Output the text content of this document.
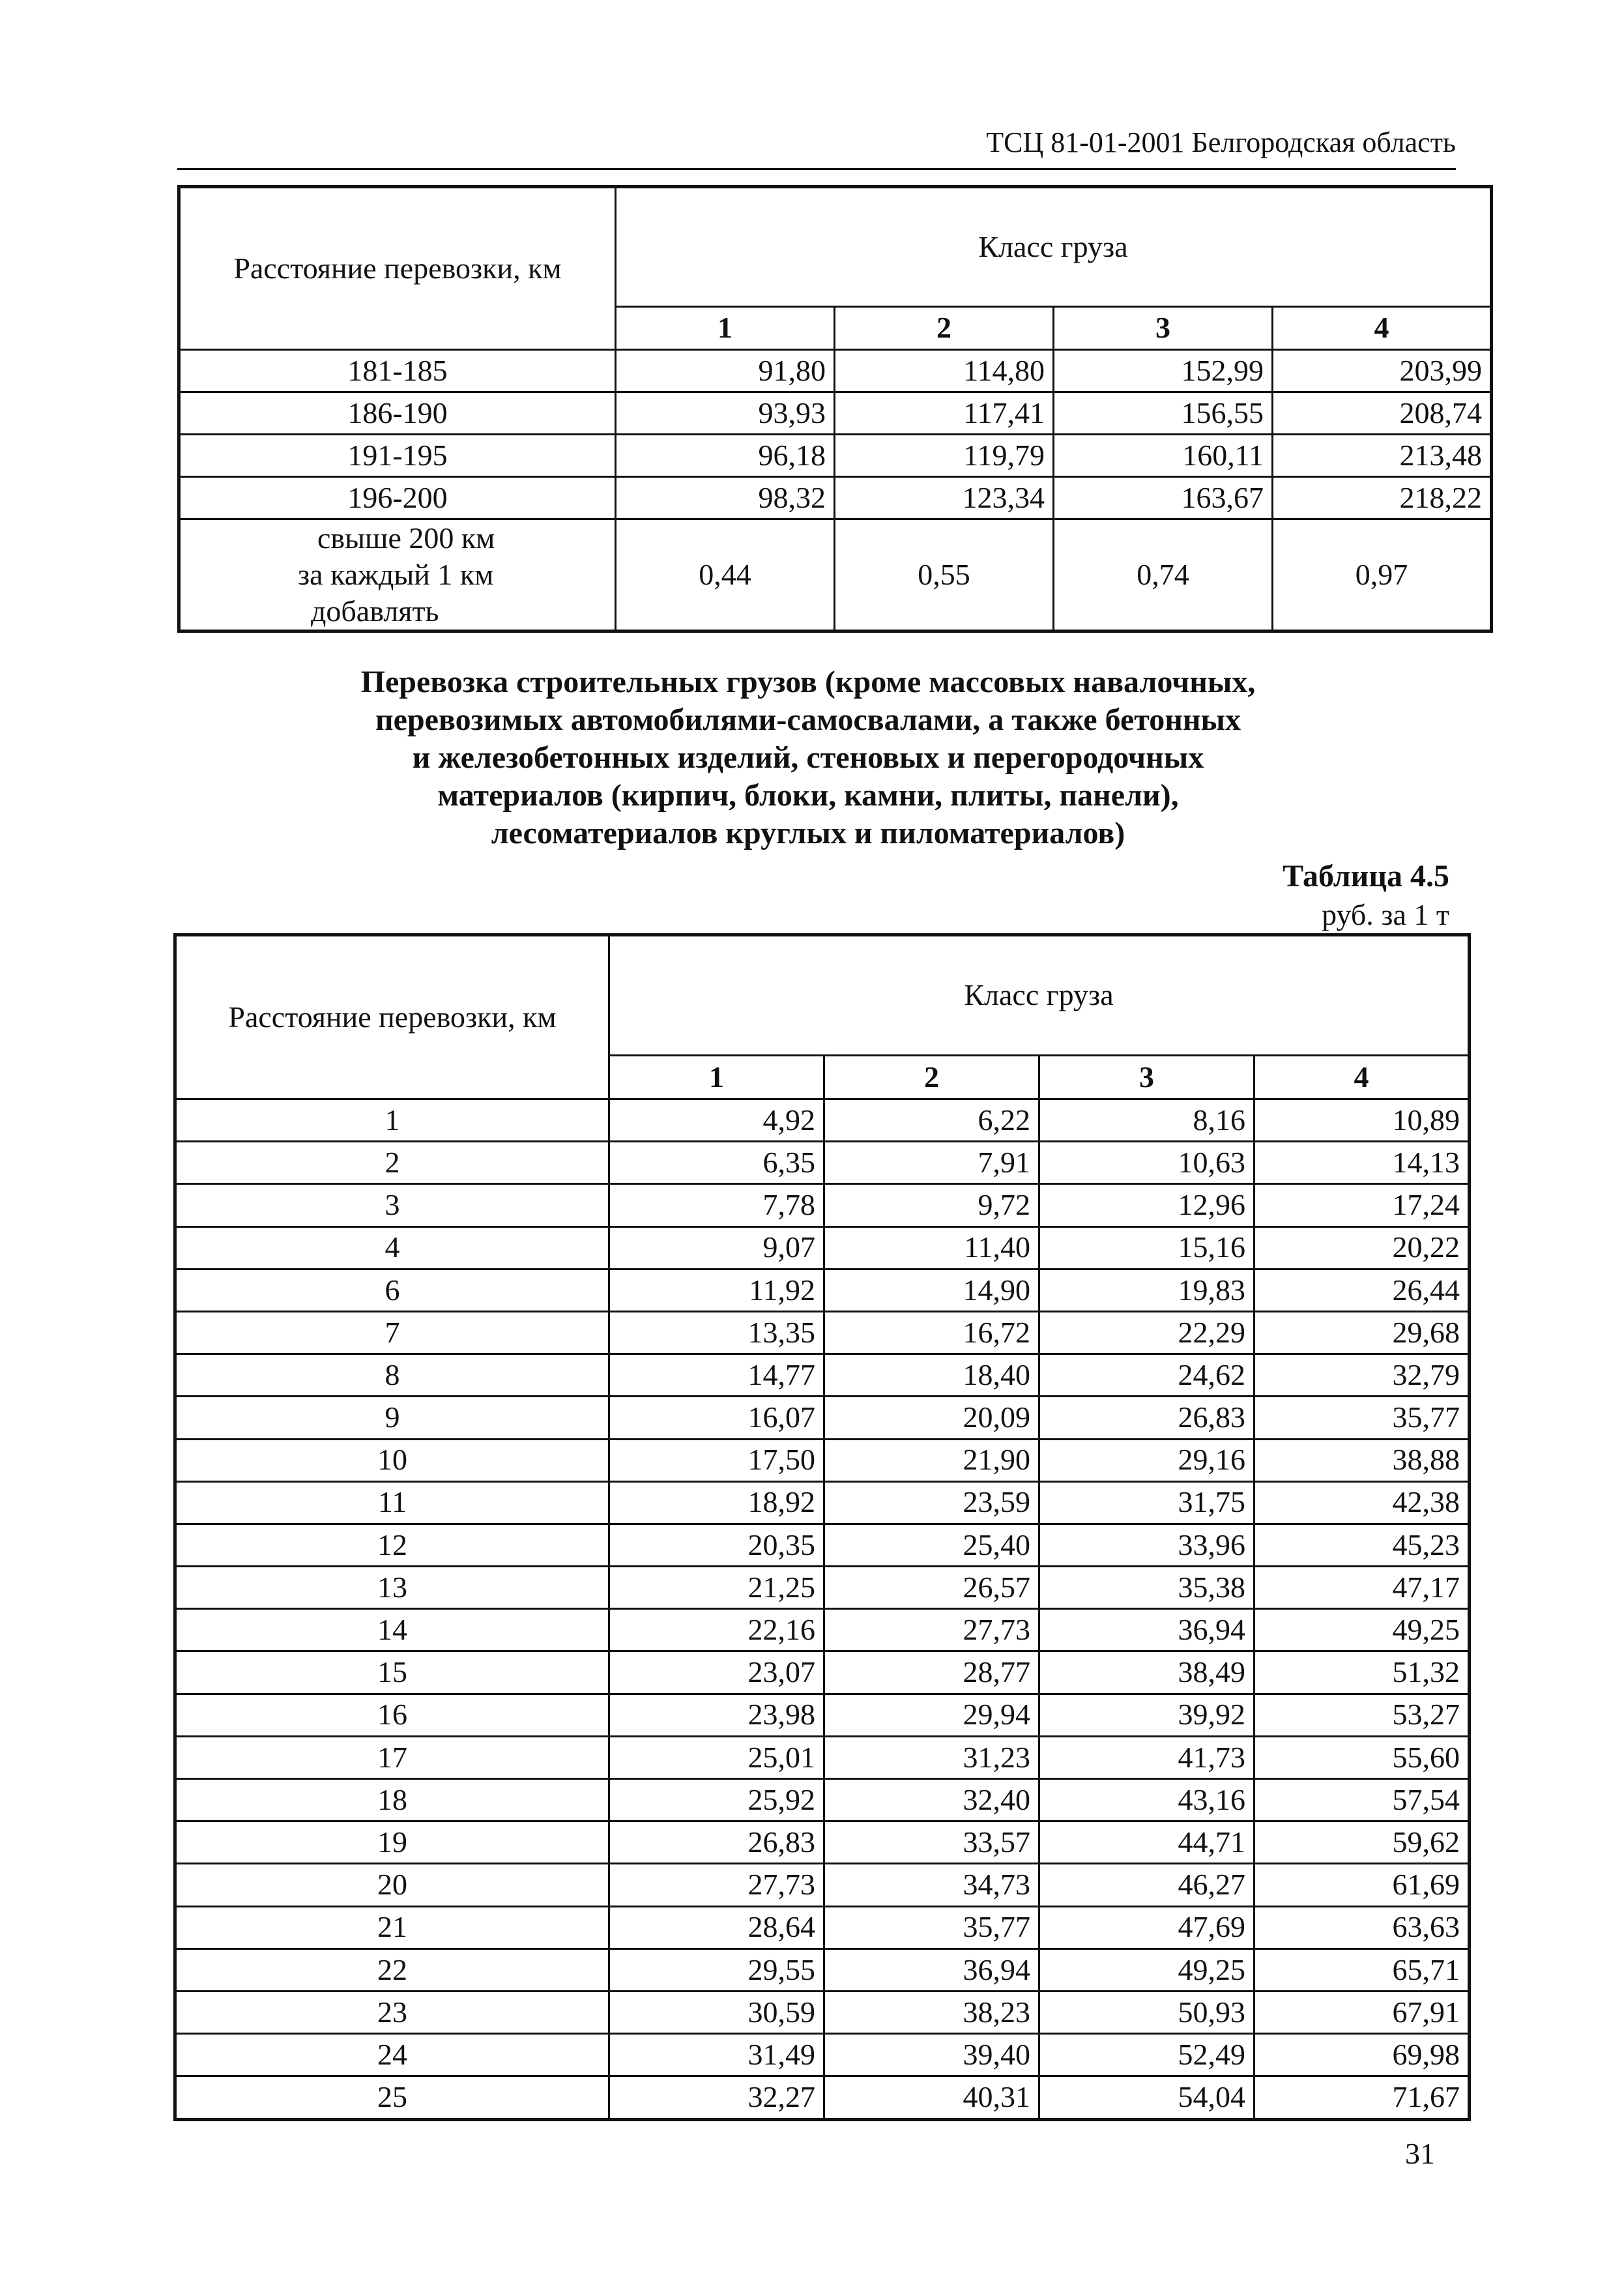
ТСЦ 81-01-2001 Белгородская область
Расстояние перевозки, км	Класс груза			
	1	2	3	4
181-185	91,80	114,80	152,99	203,99
186-190	93,93	117,41	156,55	208,74
191-195	96,18	119,79	160,11	213,48
196-200	98,32	123,34	163,67	218,22

свыше 200 км
за каждый 1 км
добавлять	0,44	0,55	0,74	0,97
Перевозка строительных грузов (кроме массовых навалочных,
перевозимых автомобилями-самосвалами, а также бетонных
и железобетонных изделий, стеновых и перегородочных
материалов (кирпич, блоки, камни, плиты, панели),
лесоматериалов круглых и пиломатериалов)
Таблица 4.5
руб. за 1 т
Расстояние перевозки, км	Класс груза			
	1	2	3	4
1	4,92	6,22	8,16	10,89
2	6,35	7,91	10,63	14,13
3	7,78	9,72	12,96	17,24
4	9,07	11,40	15,16	20,22
6	11,92	14,90	19,83	26,44
7	13,35	16,72	22,29	29,68
8	14,77	18,40	24,62	32,79
9	16,07	20,09	26,83	35,77
10	17,50	21,90	29,16	38,88
11	18,92	23,59	31,75	42,38
12	20,35	25,40	33,96	45,23
13	21,25	26,57	35,38	47,17
14	22,16	27,73	36,94	49,25
15	23,07	28,77	38,49	51,32
16	23,98	29,94	39,92	53,27
17	25,01	31,23	41,73	55,60
18	25,92	32,40	43,16	57,54
19	26,83	33,57	44,71	59,62
20	27,73	34,73	46,27	61,69
21	28,64	35,77	47,69	63,63
22	29,55	36,94	49,25	65,71
23	30,59	38,23	50,93	67,91
24	31,49	39,40	52,49	69,98
25	32,27	40,31	54,04	71,67
31
